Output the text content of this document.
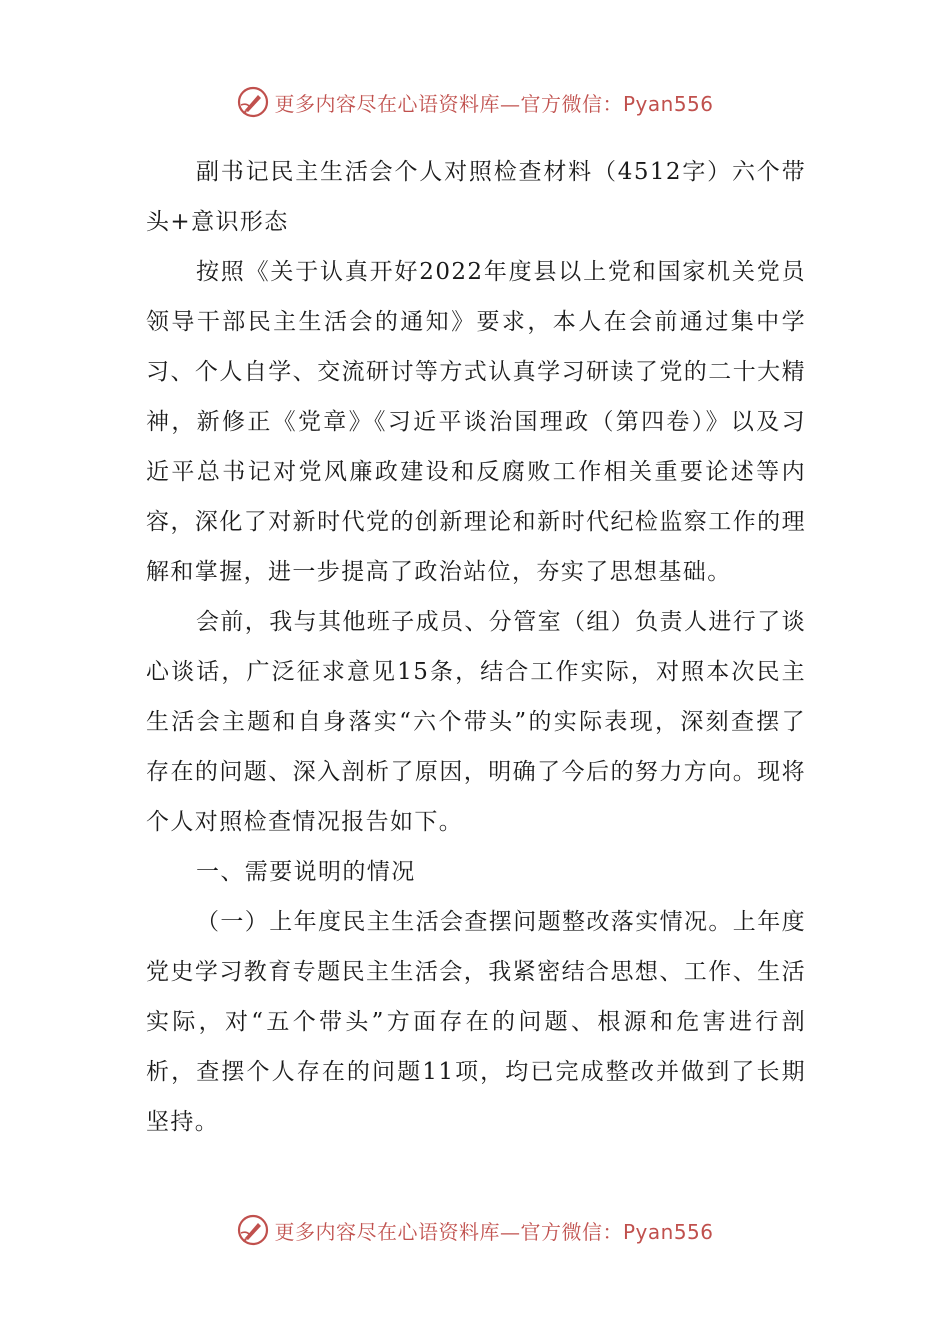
更多内容尽在心语资料库—官方微信：Pyan556

副书记民主生活会个人对照检查材料（4512字）六个带头+意识形态

按照《关于认真开好2022年度县以上党和国家机关党员领导干部民主生活会的通知》要求，本人在会前通过集中学习、个人自学、交流研讨等方式认真学习研读了党的二十大精神，新修正《党章》《习近平谈治国理政（第四卷）》以及习近平总书记对党风廉政建设和反腐败工作相关重要论述等内容，深化了对新时代党的创新理论和新时代纪检监察工作的理解和掌握，进一步提高了政治站位，夯实了思想基础。

会前，我与其他班子成员、分管室（组）负责人进行了谈心谈话，广泛征求意见15条，结合工作实际，对照本次民主生活会主题和自身落实“六个带头”的实际表现，深刻查摆了存在的问题、深入剖析了原因，明确了今后的努力方向。现将个人对照检查情况报告如下。

一、需要说明的情况

（一）上年度民主生活会查摆问题整改落实情况。上年度党史学习教育专题民主生活会，我紧密结合思想、工作、生活实际，对“五个带头”方面存在的问题、根源和危害进行剖析，查摆个人存在的问题11项，均已完成整改并做到了长期坚持。

更多内容尽在心语资料库—官方微信：Pyan556
